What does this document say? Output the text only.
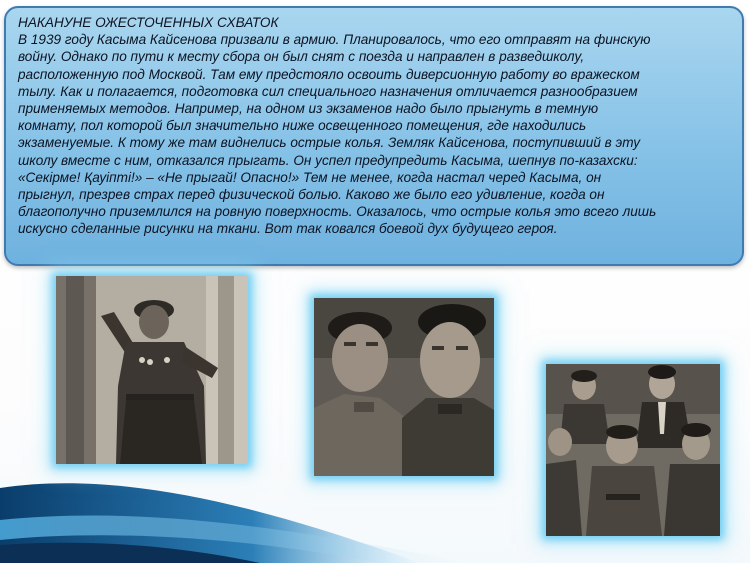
НАКАНУНЕ ОЖЕСТОЧЕННЫХ СХВАТОК
В 1939 году Касыма Кайсенова призвали в армию. Планировалось, что его отправят на финскую
войну. Однако по пути к месту сбора он был снят с поезда и направлен в разведшколу,
расположенную под Москвой. Там ему предстояло освоить диверсионную работу во вражеском
тылу. Как и полагается, подготовка сил специального назначения отличается разнообразием
применяемых методов. Например, на одном из экзаменов надо было прыгнуть в темную
комнату, пол которой был значительно ниже освещенного помещения, где находились
экзаменуемые. К тому же там виднелись острые колья. Земляк Кайсенова, поступивший в эту
школу вместе с ним, отказался прыгать. Он успел предупредить Касыма, шепнув по-казахски:
«Секірме! Қауіпті!» – «Не прыгай! Опасно!» Тем не менее, когда настал черед Касыма, он
прыгнул, презрев страх перед физической болью. Каково же было его удивление, когда он
благополучно приземлился на ровную поверхность. Оказалось, что острые колья это всего лишь
искусно сделанные рисунки на ткани. Вот так ковался боевой дух будущего героя.
